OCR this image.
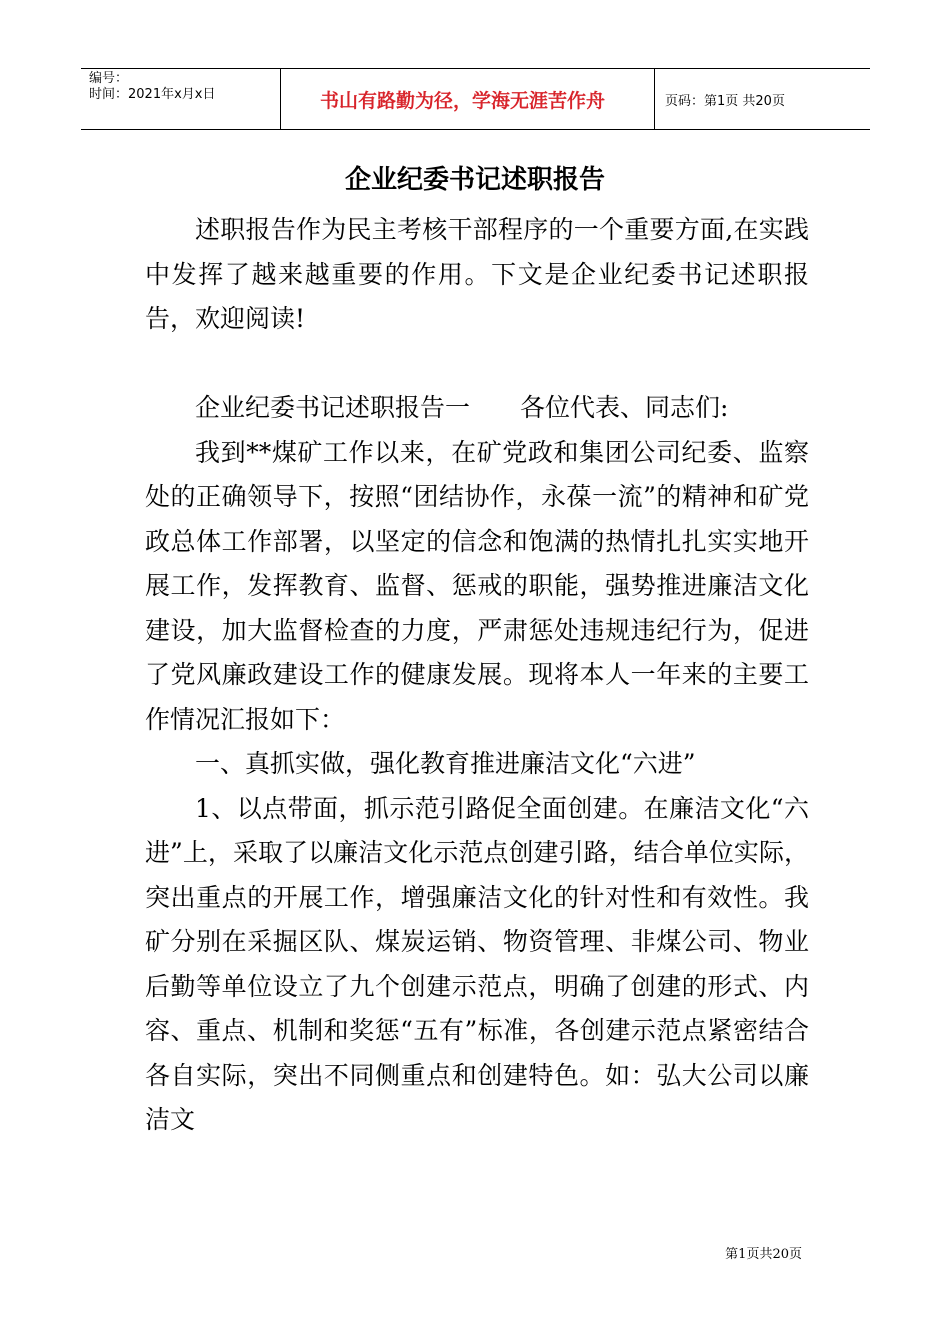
编号：
时间：2021年x月x日	书山有路勤为径，学海无涯苦作舟	页码：第1页 共20页
企业纪委书记述职报告

述职报告作为民主考核干部程序的一个重要方面,在实践中发挥了越来越重要的作用。下文是企业纪委书记述职报告，欢迎阅读!

企业纪委书记述职报告一　　各位代表、同志们:

我到**煤矿工作以来，在矿党政和集团公司纪委、监察处的正确领导下，按照“团结协作，永葆一流”的精神和矿党政总体工作部署，以坚定的信念和饱满的热情扎扎实实地开展工作，发挥教育、监督、惩戒的职能，强势推进廉洁文化建设，加大监督检查的力度，严肃惩处违规违纪行为，促进了党风廉政建设工作的健康发展。现将本人一年来的主要工作情况汇报如下：

一、真抓实做，强化教育推进廉洁文化“六进”

1、以点带面，抓示范引路促全面创建。在廉洁文化“六进”上，采取了以廉洁文化示范点创建引路，结合单位实际，突出重点的开展工作，增强廉洁文化的针对性和有效性。我矿分别在采掘区队、煤炭运销、物资管理、非煤公司、物业后勤等单位设立了九个创建示范点，明确了创建的形式、内容、重点、机制和奖惩“五有”标准，各创建示范点紧密结合各自实际，突出不同侧重点和创建特色。如：弘大公司以廉洁文

第1页共20页
